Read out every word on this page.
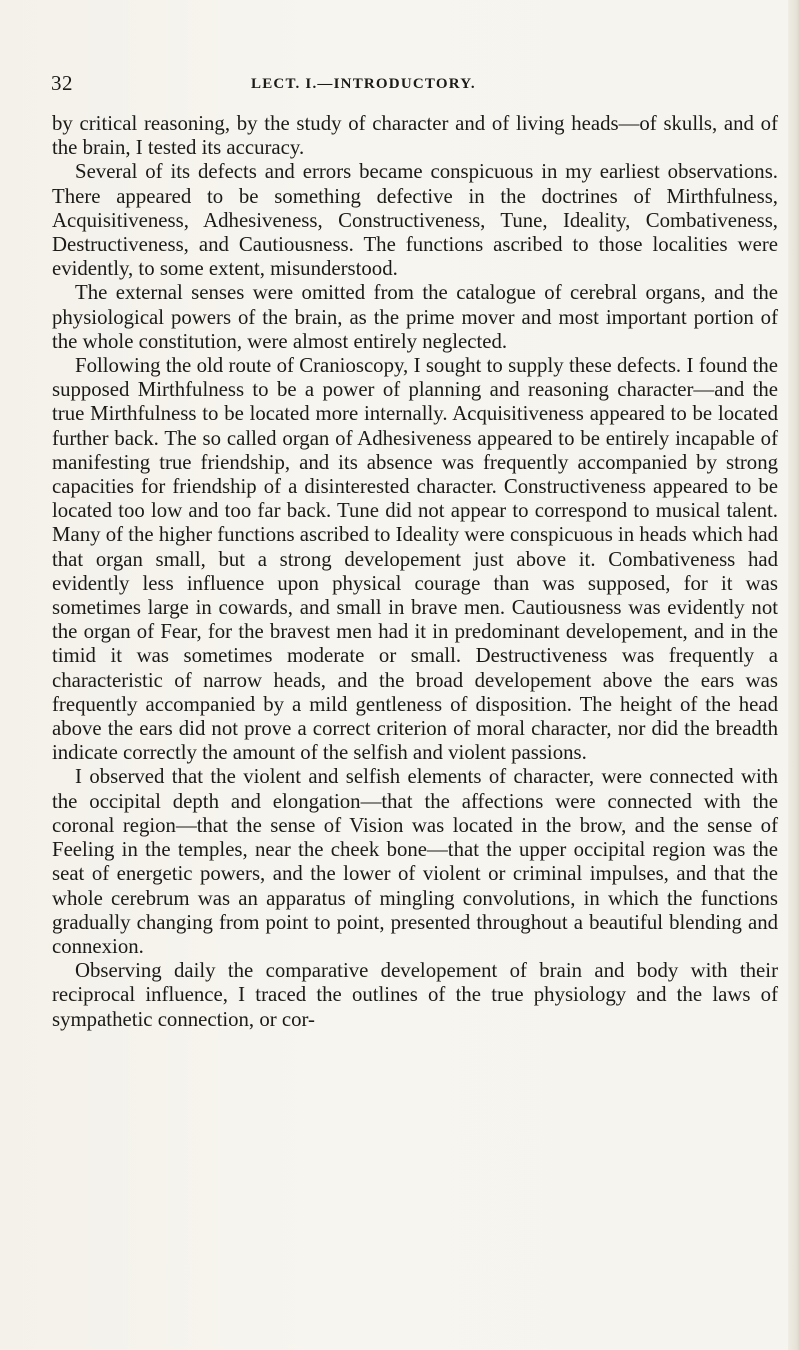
32	LECT. I.—INTRODUCTORY.

by critical reasoning, by the study of character and of living heads—of skulls, and of the brain, I tested its accuracy.

Several of its defects and errors became conspicuous in my earliest observations. There appeared to be something defective in the doctrines of Mirthfulness, Acquisitiveness, Adhesiveness, Constructiveness, Tune, Ideality, Combativeness, Destructiveness, and Cautiousness. The functions ascribed to those localities were evidently, to some extent, misunderstood.

The external senses were omitted from the catalogue of cerebral organs, and the physiological powers of the brain, as the prime mover and most important portion of the whole constitution, were almost entirely neglected.

Following the old route of Cranioscopy, I sought to supply these defects. I found the supposed Mirthfulness to be a power of planning and reasoning character—and the true Mirthfulness to be located more internally. Acquisitiveness appeared to be located further back. The so called organ of Adhesiveness appeared to be entirely incapable of manifesting true friendship, and its absence was frequently accompanied by strong capacities for friendship of a disinterested character. Constructiveness appeared to be located too low and too far back. Tune did not appear to correspond to musical talent. Many of the higher functions ascribed to Ideality were conspicuous in heads which had that organ small, but a strong developement just above it. Combativeness had evidently less influence upon physical courage than was supposed, for it was sometimes large in cowards, and small in brave men. Cautiousness was evidently not the organ of Fear, for the bravest men had it in predominant developement, and in the timid it was sometimes moderate or small. Destructiveness was frequently a characteristic of narrow heads, and the broad developement above the ears was frequently accompanied by a mild gentleness of disposition. The height of the head above the ears did not prove a correct criterion of moral character, nor did the breadth indicate correctly the amount of the selfish and violent passions.

I observed that the violent and selfish elements of character, were connected with the occipital depth and elongation—that the affections were connected with the coronal region—that the sense of Vision was located in the brow, and the sense of Feeling in the temples, near the cheek bone—that the upper occipital region was the seat of energetic powers, and the lower of violent or criminal impulses, and that the whole cerebrum was an apparatus of mingling convolutions, in which the functions gradually changing from point to point, presented throughout a beautiful blending and connexion.

Observing daily the comparative developement of brain and body with their reciprocal influence, I traced the outlines of the true physiology and the laws of sympathetic connection, or cor-
